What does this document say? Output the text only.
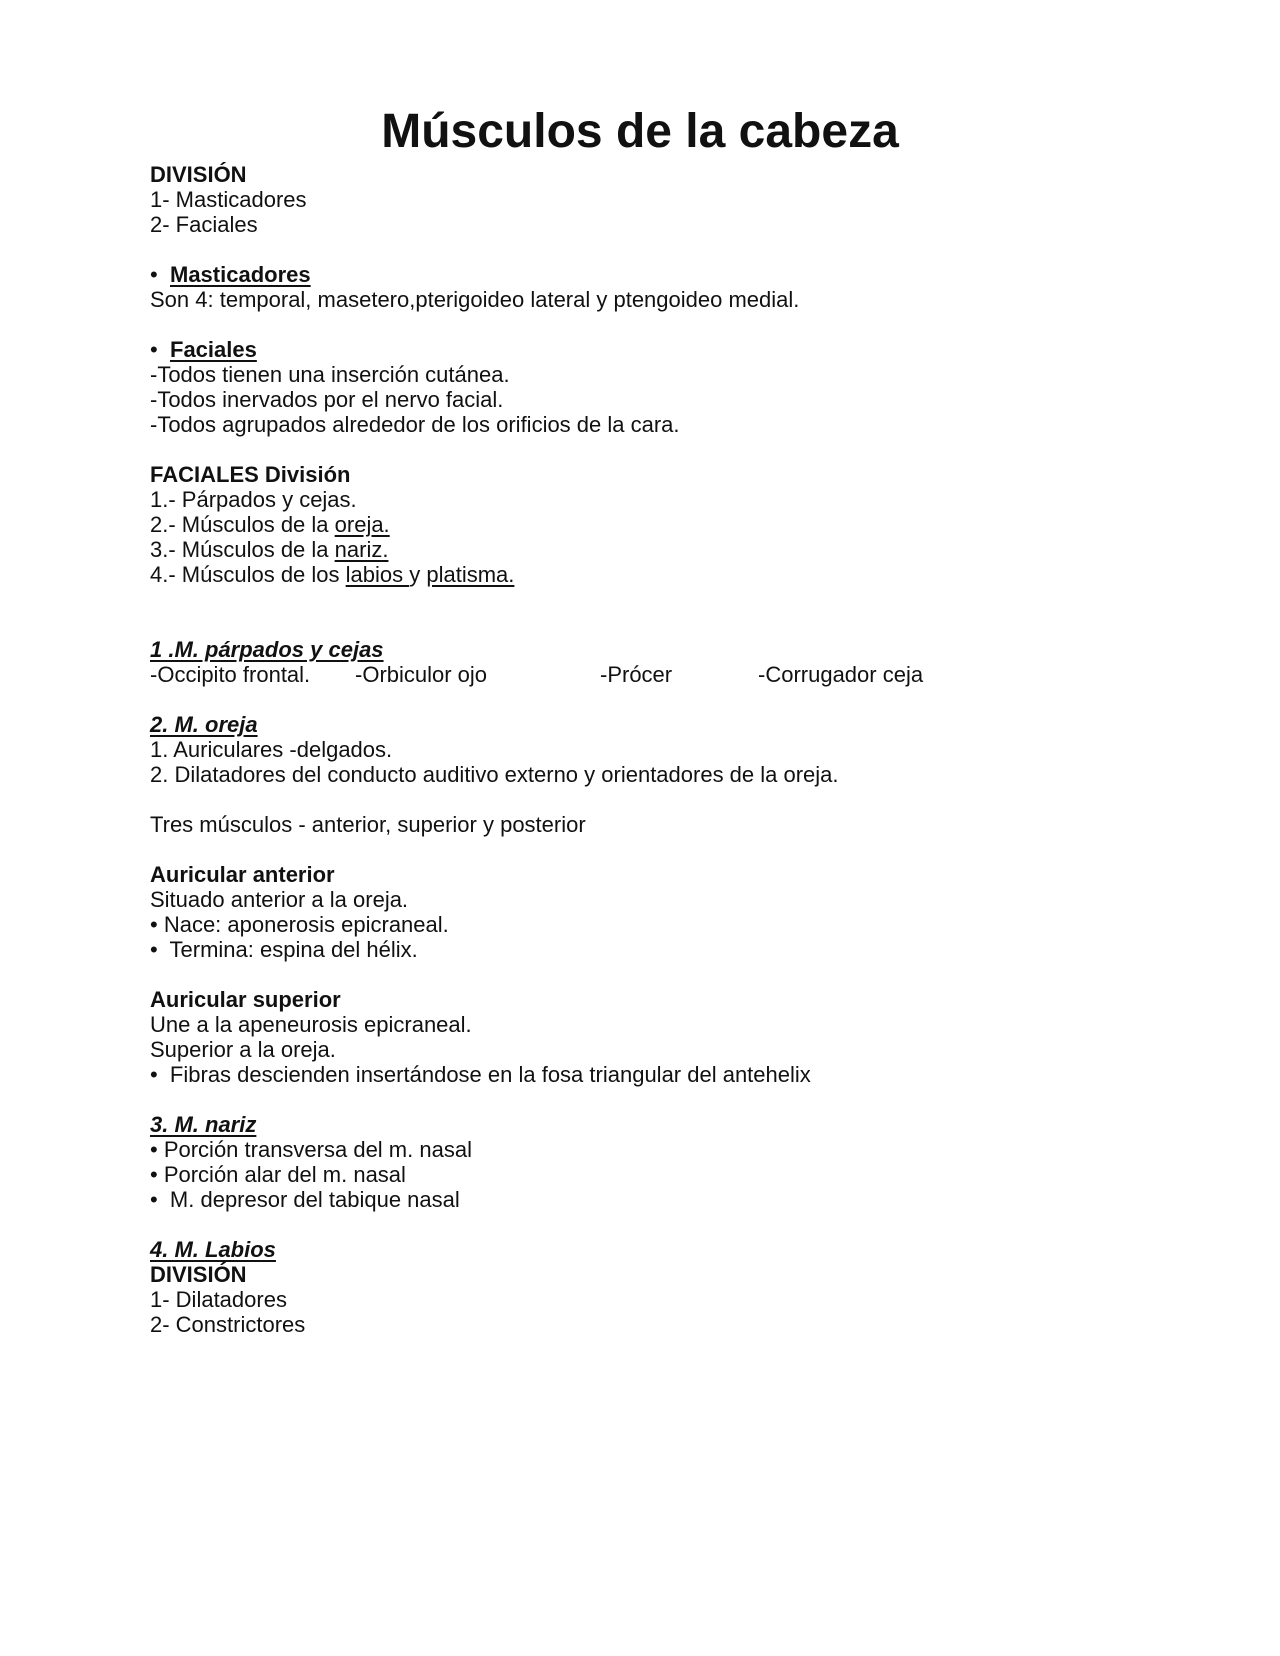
Músculos de la cabeza
DIVISIÓN
1- Masticadores
2- Faciales
• Masticadores
Son 4: temporal, masetero,pterigoideo lateral y ptengoideo medial.
• Faciales
-Todos tienen una inserción cutánea.
-Todos inervados por el nervo facial.
-Todos agrupados alrededor de los orificios de la cara.
FACIALES División
1.- Párpados y cejas.
2.- Músculos de la oreja.
3.- Músculos de la nariz.
4.- Músculos de los labios y platisma.
1 .M. párpados y cejas
-Occipito frontal.	-Orbiculor ojo	-Prócer	-Corrugador ceja
2. M. oreja
1. Auriculares -delgados.
2. Dilatadores del conducto auditivo externo y orientadores de la oreja.
Tres músculos - anterior, superior y posterior
Auricular anterior
Situado anterior a la oreja.
• Nace: aponerosis epicraneal.
•  Termina: espina del hélix.
Auricular superior
Une a la apeneurosis epicraneal.
Superior a la oreja.
•  Fibras descienden insertándose en la fosa triangular del antehelix
3. M. nariz
• Porción transversa del m. nasal
• Porción alar del m. nasal
•  M. depresor del tabique nasal
4. M. Labios
DIVISIÓN
1- Dilatadores
2- Constrictores
